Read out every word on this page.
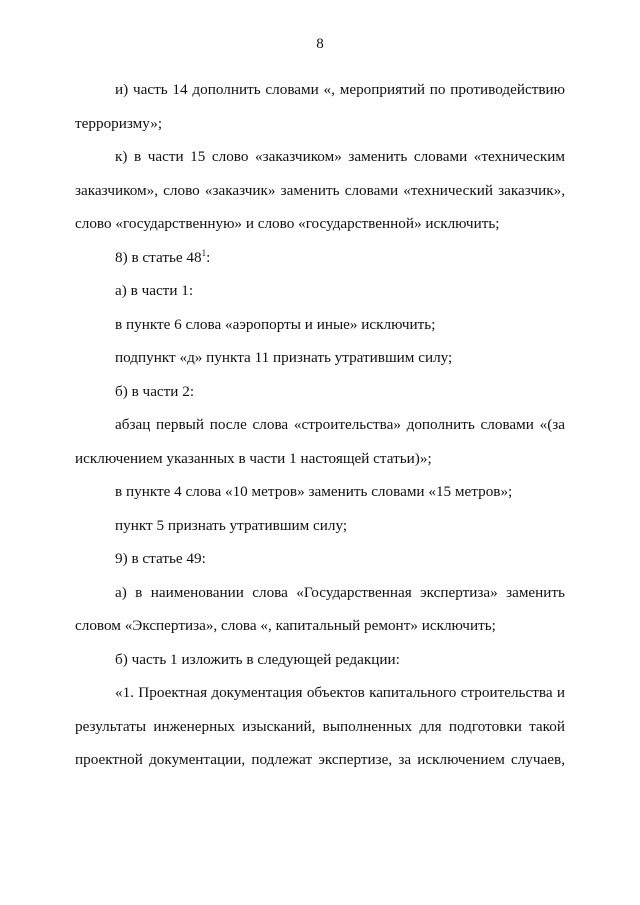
8

и) часть 14 дополнить словами «, мероприятий по противодействию терроризму»;

к) в части 15 слово «заказчиком» заменить словами «техническим заказчиком», слово «заказчик» заменить словами «технический заказчик», слово «государственную» и слово «государственной» исключить;

8) в статье $48^1$:

а) в части 1:

в пункте 6 слова «аэропорты и иные» исключить;

подпункт «д» пункта 11 признать утратившим силу;

б) в части 2:

абзац первый после слова «строительства» дополнить словами «(за исключением указанных в части 1 настоящей статьи)»;

в пункте 4 слова «10 метров» заменить словами «15 метров»;

пункт 5 признать утратившим силу;

9) в статье 49:

а) в наименовании слова «Государственная экспертиза» заменить словом «Экспертиза», слова «, капитальный ремонт» исключить;

б) часть 1 изложить в следующей редакции:

«1. Проектная документация объектов капитального строительства и результаты инженерных изысканий, выполненных для подготовки такой проектной документации, подлежат экспертизе, за исключением случаев,
